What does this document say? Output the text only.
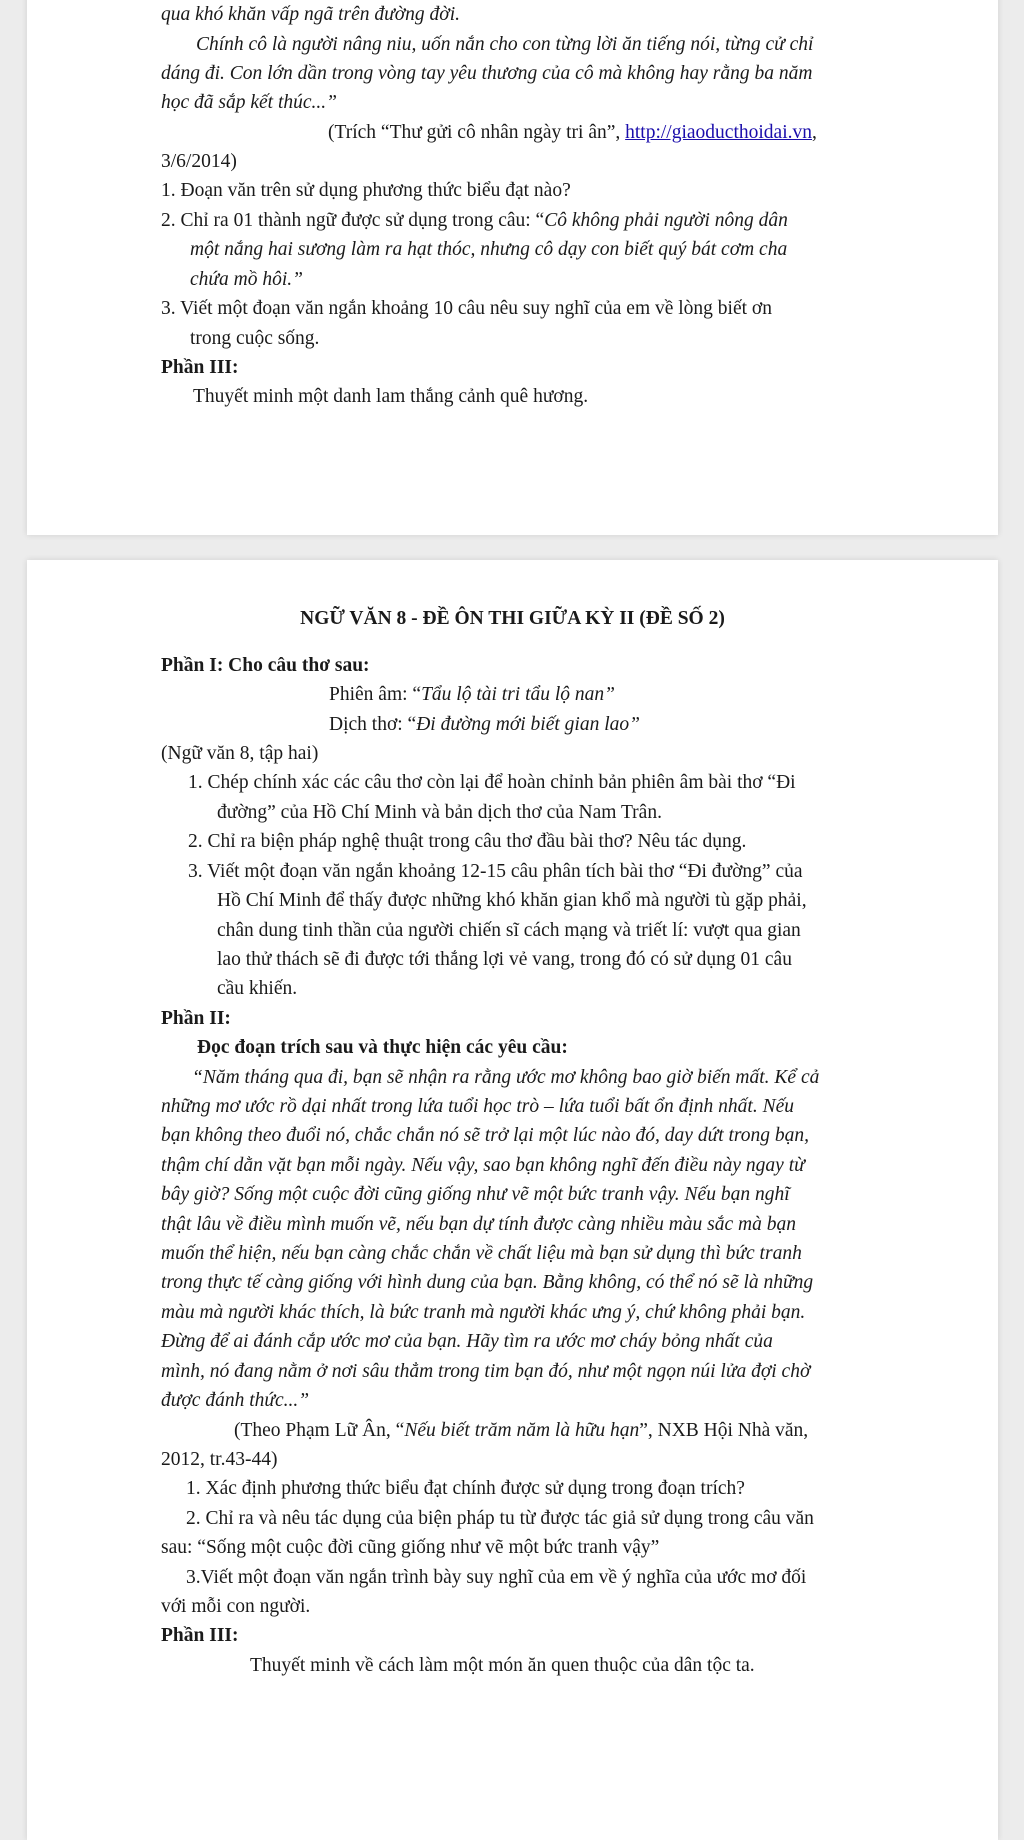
qua khó khăn vấp ngã trên đường đời.
Chính cô là người nâng niu, uốn nắn cho con từng lời ăn tiếng nói, từng cử chỉ
dáng đi. Con lớn dần trong vòng tay yêu thương của cô mà không hay rằng ba năm
học đã sắp kết thúc...”
(Trích “Thư gửi cô nhân ngày tri ân”, http://giaoducthoidai.vn,
3/6/2014)
1. Đoạn văn trên sử dụng phương thức biểu đạt nào?
2. Chỉ ra 01 thành ngữ được sử dụng trong câu: “Cô không phải người nông dân
một nắng hai sương làm ra hạt thóc, nhưng cô dạy con biết quý bát cơm cha
chứa mồ hôi.”
3. Viết một đoạn văn ngắn khoảng 10 câu nêu suy nghĩ của em về lòng biết ơn
trong cuộc sống.
Phần III:
Thuyết minh một danh lam thắng cảnh quê hương.
NGỮ VĂN 8 - ĐỀ ÔN THI GIỮA KỲ II (ĐỀ SỐ 2)
Phần I: Cho câu thơ sau:
Phiên âm: “Tẩu lộ tài tri tẩu lộ nan”
Dịch thơ: “Đi đường mới biết gian lao”
(Ngữ văn 8, tập hai)
1. Chép chính xác các câu thơ còn lại để hoàn chỉnh bản phiên âm bài thơ “Đi
đường” của Hồ Chí Minh và bản dịch thơ của Nam Trân.
2. Chỉ ra biện pháp nghệ thuật trong câu thơ đầu bài thơ? Nêu tác dụng.
3. Viết một đoạn văn ngắn khoảng 12-15 câu phân tích bài thơ “Đi đường” của
Hồ Chí Minh để thấy được những khó khăn gian khổ mà người tù gặp phải,
chân dung tinh thần của người chiến sĩ cách mạng và triết lí: vượt qua gian
lao thử thách sẽ đi được tới thắng lợi vẻ vang, trong đó có sử dụng 01 câu
cầu khiến.
Phần II:
Đọc đoạn trích sau và thực hiện các yêu cầu:
“Năm tháng qua đi, bạn sẽ nhận ra rằng ước mơ không bao giờ biến mất. Kể cả
những mơ ước rồ dại nhất trong lứa tuổi học trò – lứa tuổi bất ổn định nhất. Nếu
bạn không theo đuổi nó, chắc chắn nó sẽ trở lại một lúc nào đó, day dứt trong bạn,
thậm chí dằn vặt bạn mỗi ngày. Nếu vậy, sao bạn không nghĩ đến điều này ngay từ
bây giờ? Sống một cuộc đời cũng giống như vẽ một bức tranh vậy. Nếu bạn nghĩ
thật lâu về điều mình muốn vẽ, nếu bạn dự tính được càng nhiều màu sắc mà bạn
muốn thể hiện, nếu bạn càng chắc chắn về chất liệu mà bạn sử dụng thì bức tranh
trong thực tế càng giống với hình dung của bạn. Bằng không, có thể nó sẽ là những
màu mà người khác thích, là bức tranh mà người khác ưng ý, chứ không phải bạn.
Đừng để ai đánh cắp ước mơ của bạn. Hãy tìm ra ước mơ cháy bỏng nhất của
mình, nó đang nằm ở nơi sâu thẳm trong tim bạn đó, như một ngọn núi lửa đợi chờ
được đánh thức...”
(Theo Phạm Lữ Ân, “Nếu biết trăm năm là hữu hạn”, NXB Hội Nhà văn,
2012, tr.43-44)
1. Xác định phương thức biểu đạt chính được sử dụng trong đoạn trích?
2. Chỉ ra và nêu tác dụng của biện pháp tu từ được tác giả sử dụng trong câu văn
sau: “Sống một cuộc đời cũng giống như vẽ một bức tranh vậy”
3.Viết một đoạn văn ngắn trình bày suy nghĩ của em về ý nghĩa của ước mơ đối
với mỗi con người.
Phần III:
Thuyết minh về cách làm một món ăn quen thuộc của dân tộc ta.
